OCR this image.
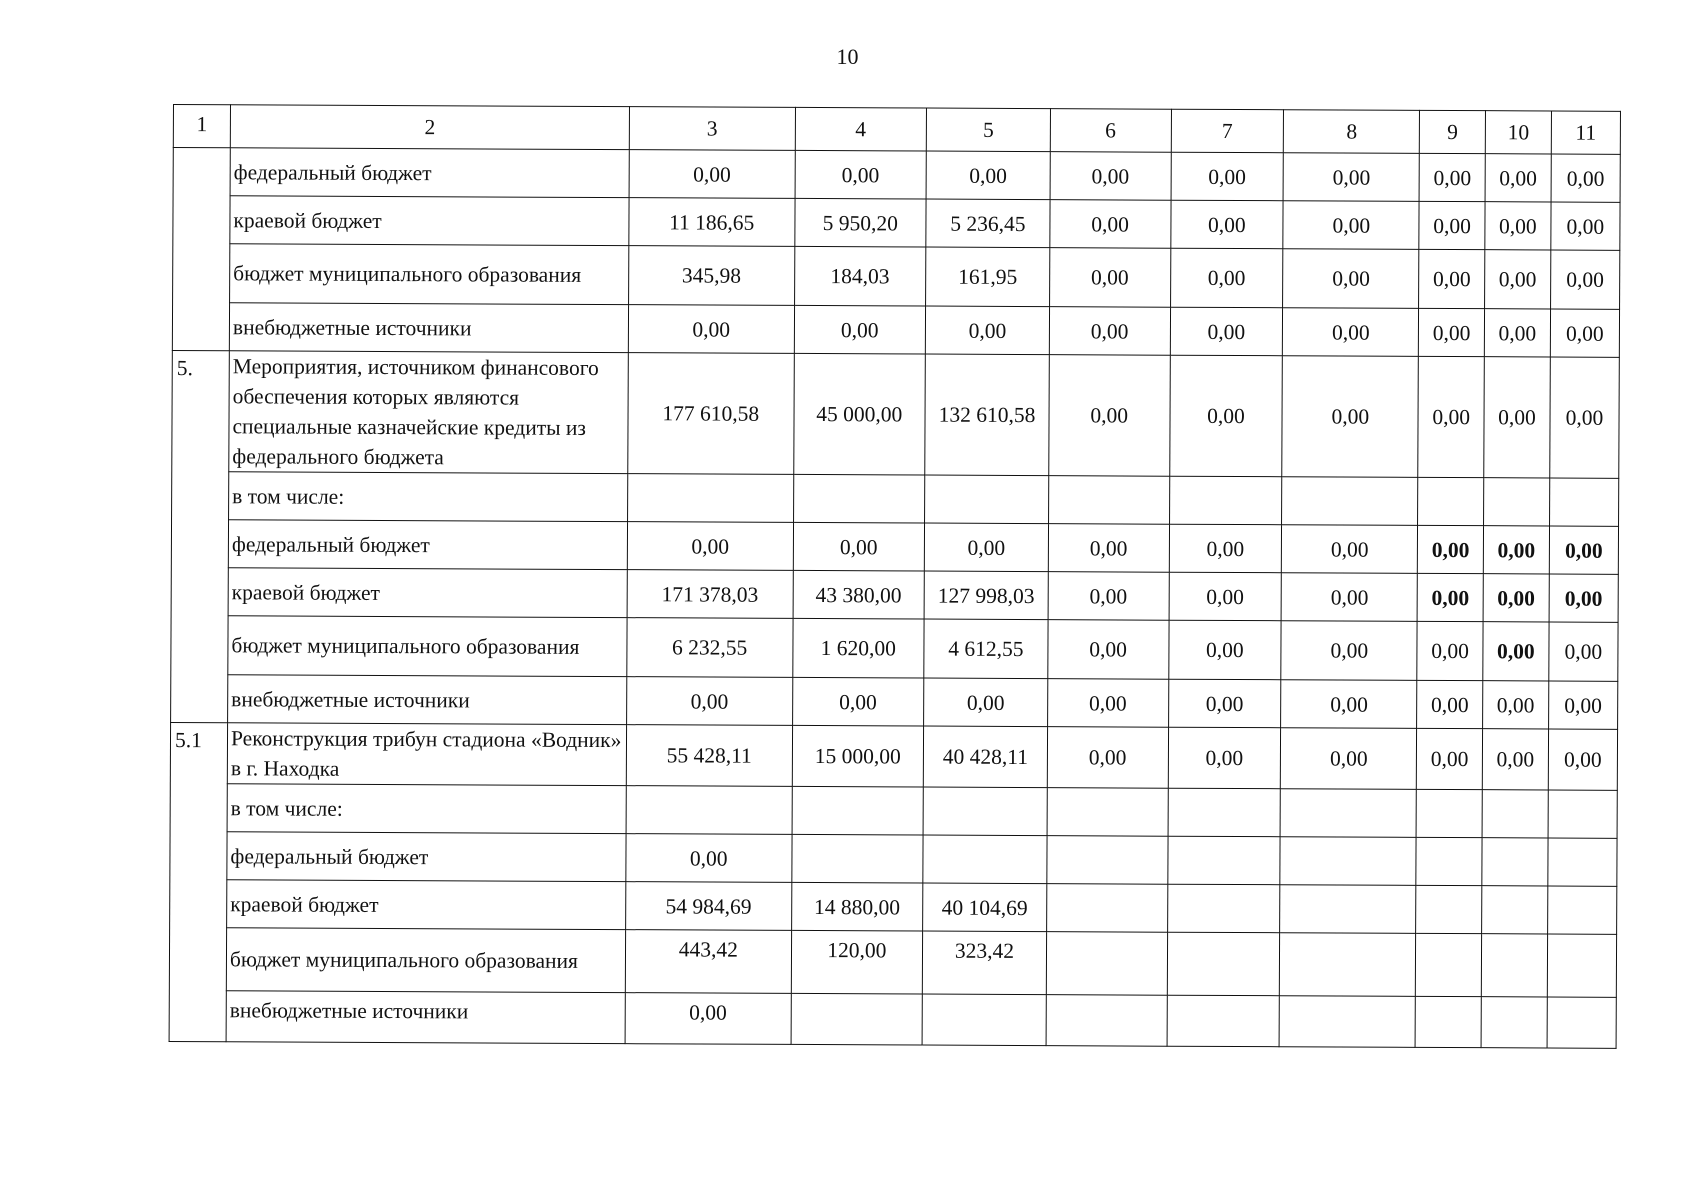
10
1	2	3	4	5	6	7	8	9	10	11
	федеральный бюджет	0,00	0,00	0,00	0,00	0,00	0,00	0,00	0,00	0,00
	краевой бюджет	11 186,65	5 950,20	5 236,45	0,00	0,00	0,00	0,00	0,00	0,00
	бюджет муниципального образования	345,98	184,03	161,95	0,00	0,00	0,00	0,00	0,00	0,00
	внебюджетные источники	0,00	0,00	0,00	0,00	0,00	0,00	0,00	0,00	0,00
5.	Мероприятия, источником финансового обеспечения которых являются специальные казначейские кредиты из федерального бюджета	177 610,58	45 000,00	132 610,58	0,00	0,00	0,00	0,00	0,00	0,00
	в том числе:									
	федеральный бюджет	0,00	0,00	0,00	0,00	0,00	0,00	0,00	0,00	0,00
	краевой бюджет	171 378,03	43 380,00	127 998,03	0,00	0,00	0,00	0,00	0,00	0,00
	бюджет муниципального образования	6 232,55	1 620,00	4 612,55	0,00	0,00	0,00	0,00	0,00	0,00
	внебюджетные источники	0,00	0,00	0,00	0,00	0,00	0,00	0,00	0,00	0,00
5.1	Реконструкция трибун стадиона «Водник» в г. Находка	55 428,11	15 000,00	40 428,11	0,00	0,00	0,00	0,00	0,00	0,00
	в том числе:									
	федеральный бюджет	0,00								
	краевой бюджет	54 984,69	14 880,00	40 104,69						
	бюджет муниципального образования	443,42	120,00	323,42						
	внебюджетные источники	0,00								
